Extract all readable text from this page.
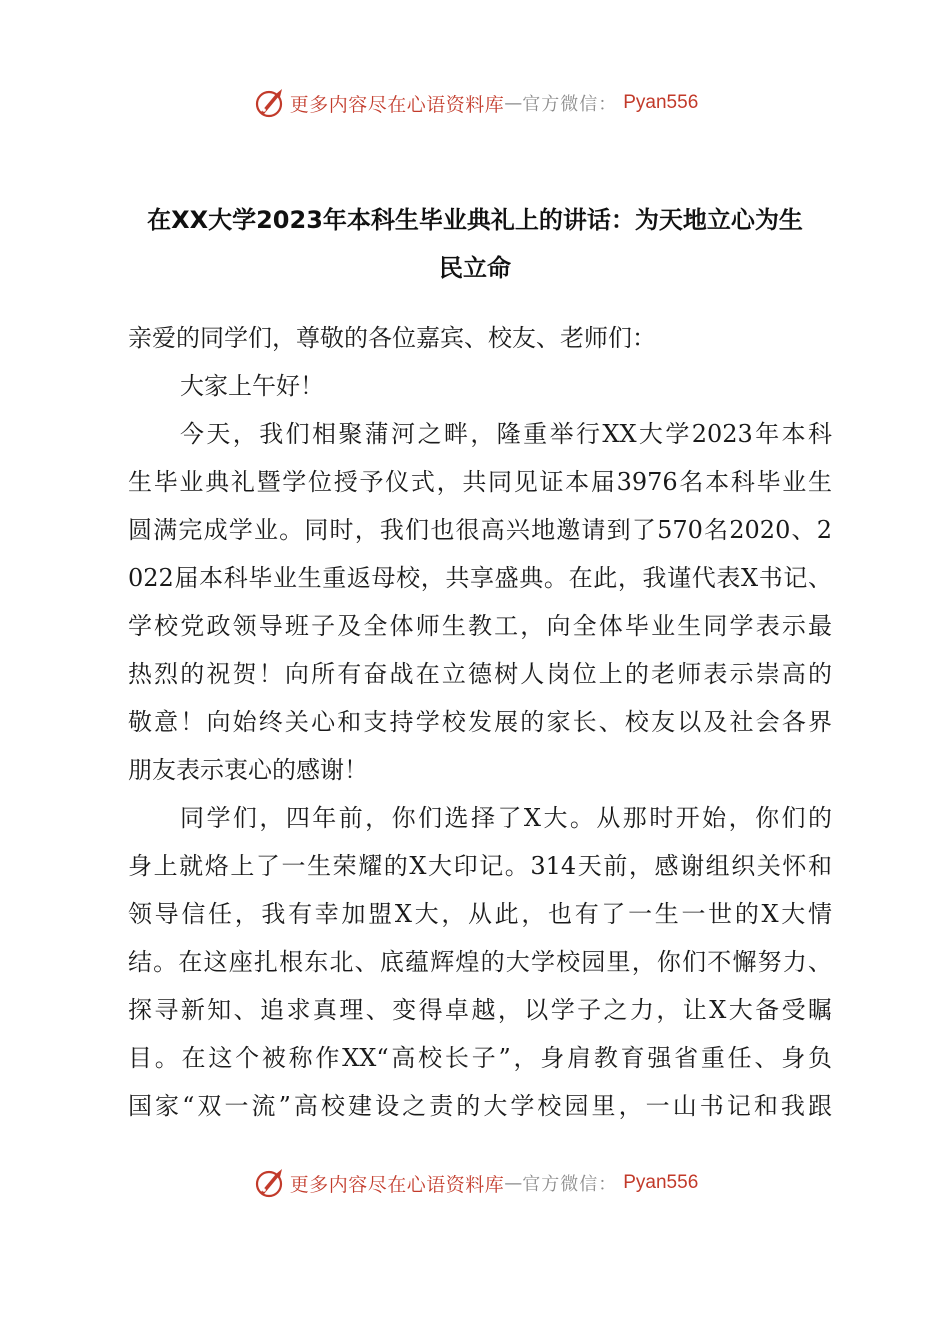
更多内容尽在心语资料库 — 官方微信： Pyan556
在XX大学2023年本科生毕业典礼上的讲话：为天地立心为生
民立命
亲爱的同学们，尊敬的各位嘉宾、校友、老师们：
大家上午好！
今天，我们相聚蒲河之畔，隆重举行XX大学2023年本科
生毕业典礼暨学位授予仪式，共同见证本届3976名本科毕业生
圆满完成学业。同时，我们也很高兴地邀请到了570名2020、2
022届本科毕业生重返母校，共享盛典。在此，我谨代表X书记、
学校党政领导班子及全体师生教工，向全体毕业生同学表示最
热烈的祝贺！向所有奋战在立德树人岗位上的老师表示崇高的
敬意！向始终关心和支持学校发展的家长、校友以及社会各界
朋友表示衷心的感谢！
同学们，四年前，你们选择了X大。从那时开始，你们的
身上就烙上了一生荣耀的X大印记。314天前，感谢组织关怀和
领导信任，我有幸加盟X大，从此，也有了一生一世的X大情
结。在这座扎根东北、底蕴辉煌的大学校园里，你们不懈努力、
探寻新知、追求真理、变得卓越，以学子之力，让X大备受瞩
目。在这个被称作XX“高校长子”，身肩教育强省重任、身负
国家“双一流”高校建设之责的大学校园里，一山书记和我跟
更多内容尽在心语资料库 — 官方微信： Pyan556
